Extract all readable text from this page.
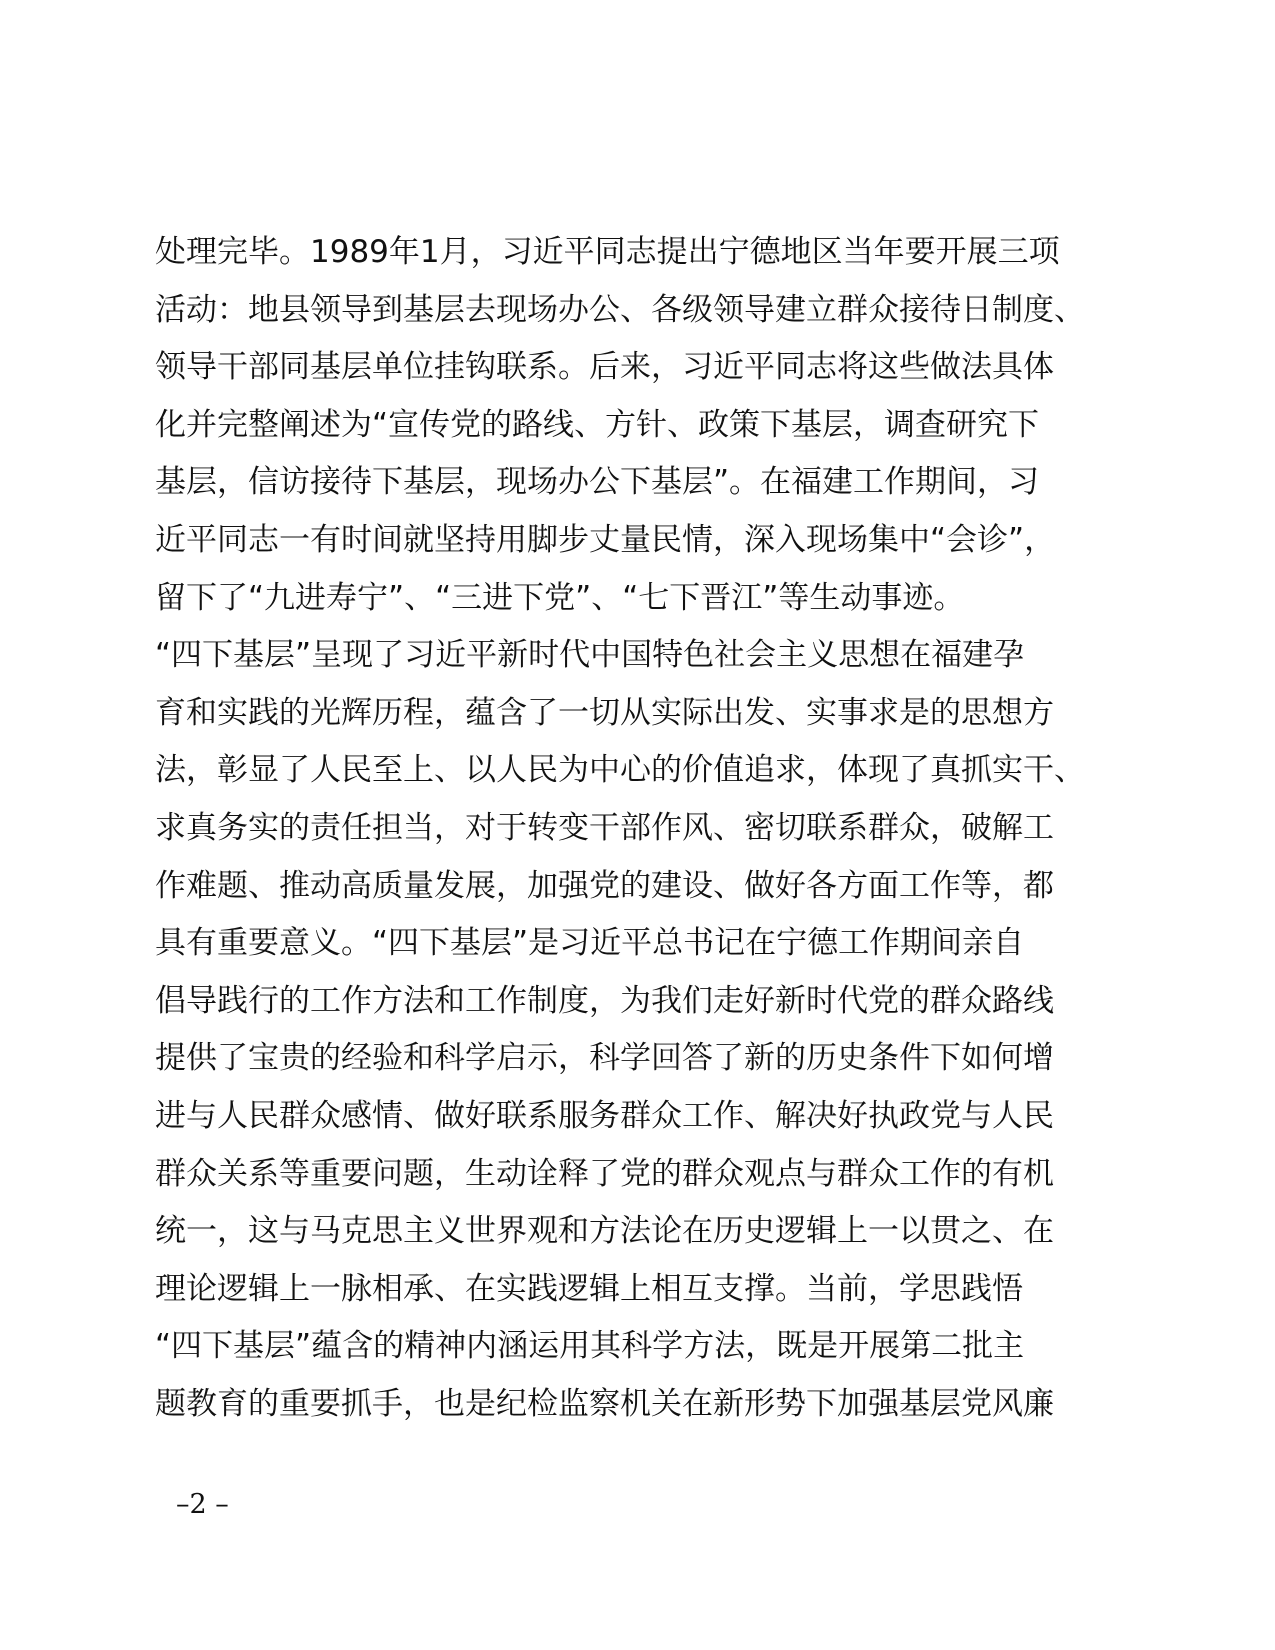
处理完毕。1989年1月，习近平同志提出宁德地区当年要开展三项
活动：地县领导到基层去现场办公、各级领导建立群众接待日制度、
领导干部同基层单位挂钩联系。后来，习近平同志将这些做法具体
化并完整阐述为“宣传党的路线、方针、政策下基层，调查研究下
基层，信访接待下基层，现场办公下基层”。在福建工作期间，习
近平同志一有时间就坚持用脚步丈量民情，深入现场集中“会诊”，
留下了“九进寿宁”、“三进下党”、“七下晋江”等生动事迹。
“四下基层”呈现了习近平新时代中国特色社会主义思想在福建孕
育和实践的光辉历程，蕴含了一切从实际出发、实事求是的思想方
法，彰显了人民至上、以人民为中心的价值追求，体现了真抓实干、
求真务实的责任担当，对于转变干部作风、密切联系群众，破解工
作难题、推动高质量发展，加强党的建设、做好各方面工作等，都
具有重要意义。“四下基层”是习近平总书记在宁德工作期间亲自
倡导践行的工作方法和工作制度，为我们走好新时代党的群众路线
提供了宝贵的经验和科学启示，科学回答了新的历史条件下如何增
进与人民群众感情、做好联系服务群众工作、解决好执政党与人民
群众关系等重要问题，生动诠释了党的群众观点与群众工作的有机
统一，这与马克思主义世界观和方法论在历史逻辑上一以贯之、在
理论逻辑上一脉相承、在实践逻辑上相互支撑。当前，学思践悟
“四下基层”蕴含的精神内涵运用其科学方法，既是开展第二批主
题教育的重要抓手，也是纪检监察机关在新形势下加强基层党风廉
–2 –
